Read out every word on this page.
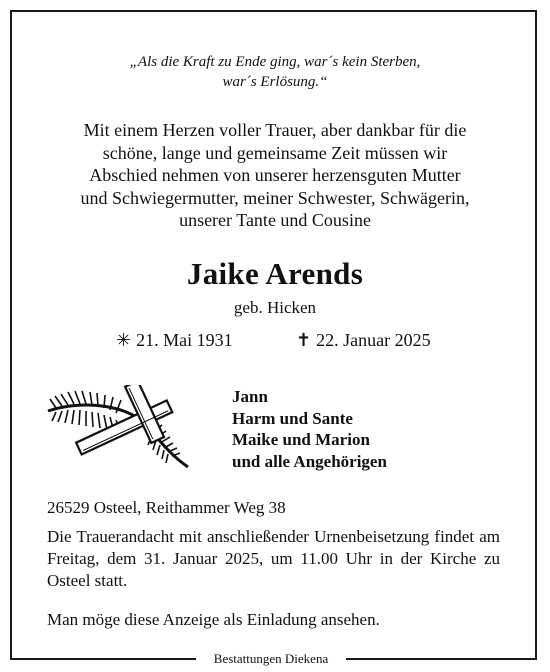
„Als die Kraft zu Ende ging, war´s kein Sterben,
war´s Erlösung.“
Mit einem Herzen voller Trauer, aber dankbar für die
schöne, lange und gemeinsame Zeit müssen wir
Abschied nehmen von unserer herzensguten Mutter
und Schwiegermutter, meiner Schwester, Schwägerin,
unserer Tante und Cousine
Jaike Arends
geb. Hicken
✳ 21. Mai 1931	✝ 22. Januar 2025
Jann
Harm und Sante
Maike und Marion
und alle Angehörigen
26529 Osteel, Reithammer Weg 38
Die Trauerandacht mit anschließender Urnenbeisetzung findet am Freitag, dem 31. Januar 2025, um 11.00 Uhr in der Kirche zu Osteel statt.
Man möge diese Anzeige als Einladung ansehen.
Bestattungen Diekena
